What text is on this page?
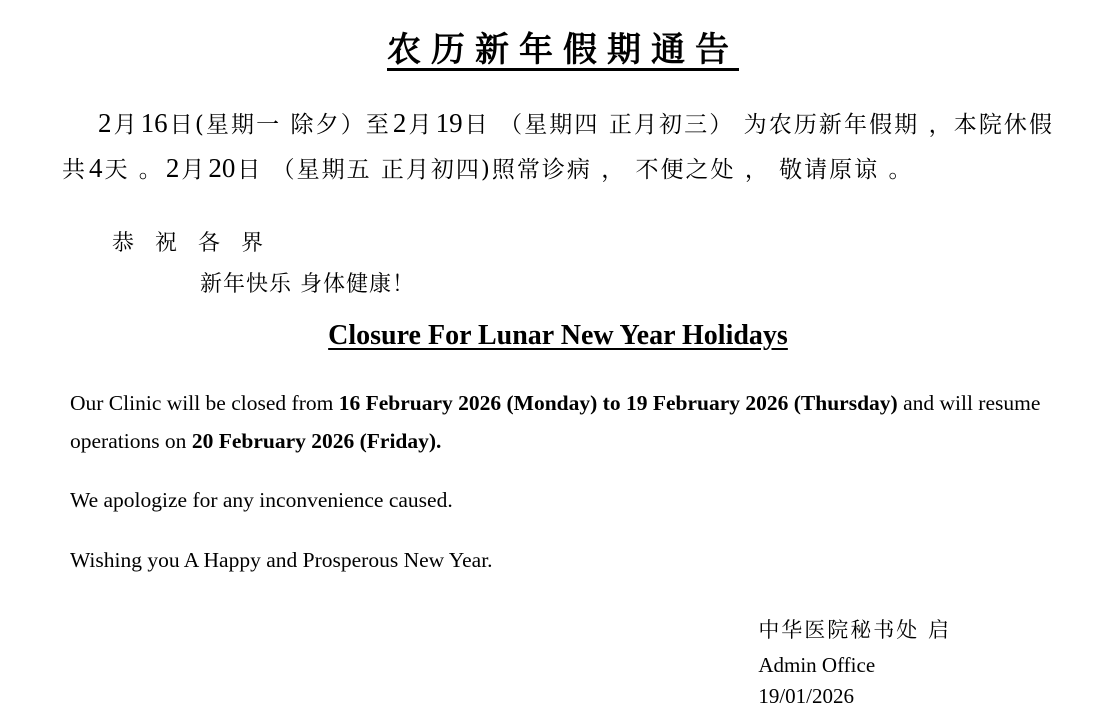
农历新年假期通告

2月16日(星期一 除夕）至2月19日 （星期四 正月初三） 为农历新年假期 ，本院休假共4天 。2月20日 （星期五 正月初四)照常诊病 ， 不便之处 ， 敬请原谅 。

恭 祝 各 界

新年快乐 身体健康！

Closure For Lunar New Year Holidays

Our Clinic will be closed from 16 February 2026 (Monday) to 19 February 2026 (Thursday) and will resume operations on 20 February 2026 (Friday).

We apologize for any inconvenience caused.

Wishing you A Happy and Prosperous New Year.

中华医院秘书处 启
Admin Office
19/01/2026
